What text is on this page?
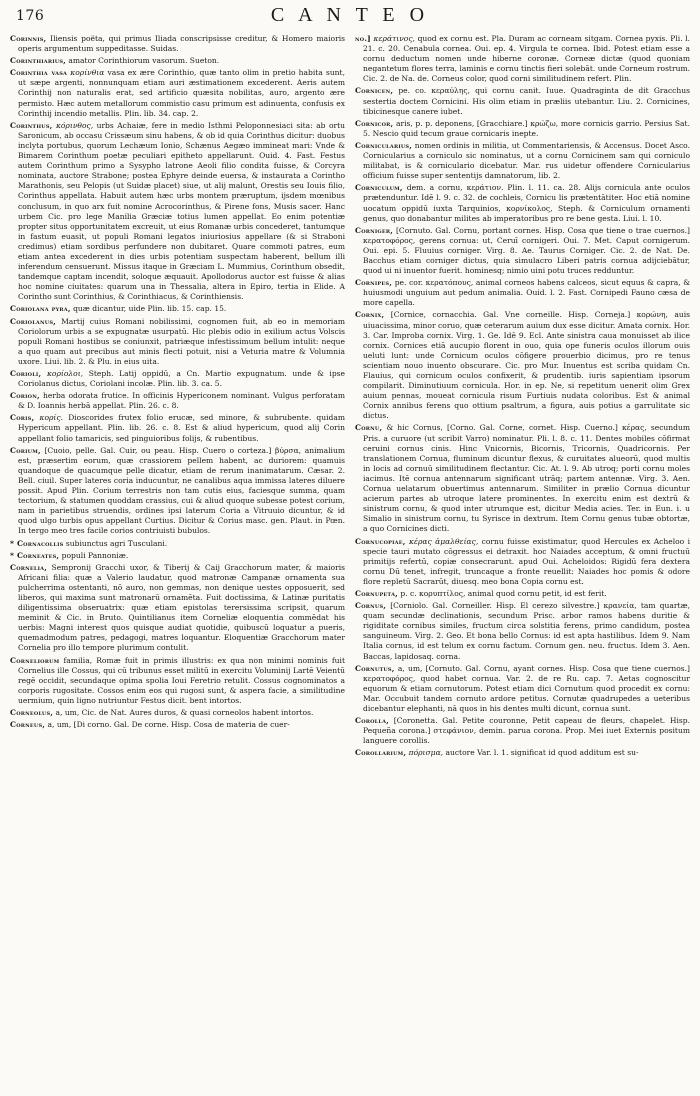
176	C A N T E O

Corinnis, Iliensis poëta, qui primus Iliada conscripsisse creditur, & Homero maioris operis argumentum suppeditasse. Suidas.

Corinthiarius, amator Corinthiorum vasorum. Sueton.

Corinthia vasa κορίνθια vasa ex ære Corinthio, quæ tanto olim in pretio habita sunt, ut sæpe argenti, nonnunquam etiam auri æstimationem excederent. Aeris autem Corinthij non naturalis erat, sed artificio quæsita nobilitas, auro, argento ære permisto. Hæc autem metallorum commistio casu primum est adinuenta, confusis ex Corinthij incendio metallis. Plin. lib. 34. cap. 2.

Corinthus, κόρινθος, urbs Achaiæ, fere in medio Isthmi Peloponnesiaci sita: ab ortu Saronicum, ab occasu Crissæum sinu habens, & ob id quia Corinthus dicitur: duobus inclyta portubus, quorum Lechæum Ionio, Schænus Aegæo immineat mari: Vnde & Bimarem Corinthum poetæ peculiari epitheto appellarunt. Ouid. 4. Fast. Festus autem Corinthum primo a Sysypho latrone Aeoli filio condita fuisse, & Corcyra nominata, auctore Strabone; postea Ephyre deinde euersa, & instaurata a Corintho Marathonis, seu Pelopis (ut Suidæ placet) siue, ut alij malunt, Orestis seu Iouis filio, Corinthus appellata. Habuit autem hæc urbs montem præruptum, ijsdem mœnibus conclusum, in quo arx fuit nomine Acrocorinthus, & Pirene fons, Musis sacer. Hanc urbem Cic. pro lege Manilia Græciæ totius lumen appellat. Eo enim potentiæ propter situs opportunitatem excreuit, ut eius Romanæ urbis concederet, tantumque in fastum euasit, ut populi Romani legatos iniuriosius appellare (& si Straboni credimus) etiam sordibus perfundere non dubitaret. Quare commoti patres, eum etiam antea excederent in dies urbis potentiam suspectam haberent, bellum illi inferendum censuerunt. Missus itaque in Græciam L. Mummius, Corinthum obsedit, tandemque captam incendit, soloque æquauit. Apollodorus auctor est fuisse & alias hoc nomine ciuitates: quarum una in Thessalia, altera in Epiro, tertia in Elide. A Corintho sunt Corinthius, & Corinthiacus, & Corinthiensis.

Coriolana pyra, quæ dicantur, uide Plin. lib. 15. cap. 15.

Coriolanus, Martij cuius Romani nobilissimi, cognomen fuit, ab eo in memoriam Coriolorum urbis a se expugnatæ usurpatū. Hic plebis odio in exilium actus Volscis populi Romani hostibus se coniunxit, patriæque infestissimum bellum intulit: neque a quo quam aut precibus aut minis flecti potuit, nisi a Veturia matre & Volumnia uxore. Liui. lib. 2. & Plu. in eius uita.

Corioli, κορίολοι, Steph. Latij oppidū, a Cn. Martio expugnatum. unde & ipse Coriolanus dictus, Coriolani incolæ. Plin. lib. 3. ca. 5.

Corion, herba odorata frutice. In officinis Hypericonem nominant. Vulgus perforatam & D. Ioannis herbā appellat. Plin. 26. c. 8.

Coris, κορίς. Dioscorides frutex folio erucæ, sed minore, & subrubente. quidam Hypericum appellant. Plin. lib. 26. c. 8. Est & aliud hypericum, quod alij Corin appellant folio tamaricis, sed pinguioribus folijs, & rubentibus.

Corium, [Cuoio, pelle. Gal. Cuir, ou peau. Hisp. Cuero o corteza.] βύρσα, animalium est, præsertim eorum, quæ crassiorem pellem habent, ac duriorem: quamuis quandoque de quacumque pelle dicatur, etiam de rerum inanimatarum. Cæsar. 2. Bell. ciuil. Super lateres coria inducuntur, ne canalibus aqua immissa lateres diluere possit. Apud Plin. Corium terrestris non tam cutis eius, faciesque summa, quam tectorium, & statumen quoddam crassius, cui & aliud quoque subesse potest corium, nam in parietibus struendis, ordines ipsi laterum Coria a Vitruuio dicuntur, & id quod ulgo turbis opus appellant Curtius. Dicitur & Corius masc. gen. Plaut. in Pœn. In tergo meo tres facile corios contriuisti bubulos.

* Cornacollis subiunctus agri Tusculani.

* Corneates, populi Pannoniæ.

Cornelia, Sempronij Gracchi uxor, & Tiberij & Caij Gracchorum mater, & maioris Africani filia: quæ a Valerio laudatur, quod matronæ Campanæ ornamenta sua pulcherrima ostentanti, nō auro, non gemmas, non denique uestes opposuerit, sed liberos, qui maxima sunt matronarū ornamēta. Fuit doctissima, & Latinæ puritatis diligentissima obseruatrix: quæ etiam epistolas terersissima scripsit, quarum meminit & Cic. in Bruto. Quintilianus item Corneliæ eloquentia commēdat his uerbis: Magni interest quos quisque audiat quotidie, quibuscū loquatur a pueris, quemadmodum patres, pedagogi, matres loquantur. Eloquentiæ Gracchorum mater Cornelia pro illo tempore plurimum contulit.

Corneliorum familia, Romæ fuit in primis illustris: ex qua non minimi nominis fuit Cornelius ille Cossus, qui cū tribunus esset militū in exercitu Voluminij Lartē Veientū regē occidit, secundaque opima spolia Ioui Feretrio retulit. Cossus cognominatos a corporis rugositate. Cossos enim eos qui rugosi sunt, & aspera facie, a similitudine uermium, quin ligno nutriuntur Festus dicit. bent intortos.

Corneolus, a, um, Cic. de Nat. Aures duros, & quasi corneolos habent intortos.

Corneus, a, um, [Di corno. Gal. De corne. Hisp. Cosa de materia de cuer-

no.] κεράτινος, quod ex cornu est. Pla. Duram ac corneam sitgam. Cornea pyxis. Pli. l. 21. c. 20. Cenabula cornea. Oui. ep. 4. Virgula te cornea. Ibid. Potest etiam esse a cornu deductum nomen unde hiberne coronæ. Corneæ dictæ (quod quoniam negantetum flores terra, laminis e cornu tinctis fieri solebāt. unde Corneum rostrum. Cic. 2. de Na. de. Corneus color, quod corni similitudinem refert. Plin.

Cornicen, pe. co. κεραύλης, qui cornu canit. Iuue. Quadraginta de dit Gracchus sestertia doctem Cornicini. His olim etiam in præliis utebantur. Liu. 2. Cornicines, tibicinesque canere iubet.

Cornicor, aris, p. p. deponens, [Gracchiare.] κρώζω, more cornicis garrio. Persius Sat. 5. Nescio quid tecum graue cornicaris inepte.

Cornicularius, nomen ordinis in militia, ut Commentariensis, & Accensus. Docet Asco. Cornicularius a corniculo sic nominatus, ut a cornu Cornicinem sam qui corniculo militabat, is & corniculario dicebatur. Mar. rus uidetur offendere Cornicularius officium fuisse super sententijs damnatorum, lib. 2.

Corniculum, dem. a cornu, κεράτιον. Plin. l. 11. ca. 28. Alijs cornicula ante oculos prætenduntur. Idē l. 9. c. 32. de cochleis, Cornicu lis prætentātiter. Hoc etiā nomine uocatum oppidū iuxta Tarquinios, κορνίκολος, Steph. & Corniculum ornamenti genus, quo donabantur milites ab imperatoribus pro re bene gesta. Liui. l. 10.

Corniger, [Cornuto. Gal. Cornu, portant cornes. Hisp. Cosa que tiene o trae cuernos.] κερατοφόρος, gerens cornua: ut, Ceruī cornigeri. Oui. 7. Met. Caput cornigerum. Oui. epi. 5. Fluuius corniger. Virg. 8. Ae. Taurus Corniger. Cic. 2. de Nat. De. Bacchus etiam corniger dictus, quia simulacro Liberi patris cornua adijciebātur, quod ui ni inuentor fuerit. hominesq; nimio uini potu truces redduntur.

Cornipes, pe. cor. κερατόπους, animal corneos habens calceos, sicut equus & capra, & huiusmodi unguium aut pedum animalia. Ouid. l. 2. Fast. Cornipedi Fauno cæsa de more capella.

Cornix, [Cornice, cornacchia. Gal. Vne corneille. Hisp. Corneja.] κορώνη, auis uiuacissima, minor coruo, quæ ceterarum auium dux esse dicitur. Amata cornix. Hor. 3. Car. Improba cornix. Virg. 1. Ge. Idē 9. Ecl. Ante sinistra caua monuisset ab ilice cornix. Cornices etiā aucupio florent in ouo, quia ope funeris oculos illorum ouis ueluti lunt: unde Cornicum oculos cōfigere prouerbio dicimus, pro re tenus scientiam nouo inuento obscurare. Cic. pro Mur. Inuentus est scriba quidam Cn. Flauius, qui cornicum oculos confixerit, & prudentib. iuris sapientiam ipsorum compilarit. Diminutiuum cornicula. Hor. in ep. Ne, si repetitum uenerit olim Grex auium pennas, moueat cornicula risum Furtiuis nudata coloribus. Est & animal Cornix annibus ferens quo ottium psaltrum, a figura, auis potius a garrulitate sic dictus.

Cornu, & hic Cornus, [Corno. Gal. Corne, cornet. Hisp. Cuerno.] κέρας, secundum Pris. a curuore (ut scribit Varro) nominatur. Pli. l. 8. c. 11. Dentes mobiles cōfirmat ceruini cornus cinis. Hinc Vnicornis, Bicornis, Tricornis, Quadricornis. Per translationem Cornua, fluminum dicuntur flexus, & curuitates alueorū, quod multis in locis ad cornuū similitudinem flectantur. Cic. At. l. 9. Ab utroq; porti cornu moles iacimus. Itē cornua antennarum significant utrāq; partem antennæ. Virg. 3. Aen. Cornua uelatarum obuertimus antennarum. Similiter in prælio Cornua dicuntur acierum partes ab utroque latere prominentes. In exercitu enim est dextrū & sinistrum cornu, & quod inter utrumque est, dicitur Media acies. Ter. in Eun. i. u Simalio in sinistrum cornu, tu Syrisce in dextrum. Item Cornu genus tubæ obtortæ, a quo Cornicines dicti.

Cornucopiae, κέρας ἀμαλθείας, cornu fuisse existimatur, quod Hercules ex Acheloo i specie tauri mutato cōgressus ei detraxit. hoc Naiades acceptum, & omni fructuū primitijs refertū, copiæ consecrarunt. apud Oui. Acheloidos: Rigidū fera dextera cornu Dū tenet, infregit, truncaque a fronte reuellit: Naiades hoc pomis & odore flore repletū Sacrarūt, diuesq. meo bona Copia cornu est.

Cornupeta, p. c. κορυπτίλος, animal quod cornu petit, id est ferit.

Cornus, [Corniolo. Gal. Corneiller. Hisp. El cerezo silvestre.] κρανεία, tam quartæ, quam secundæ declinationis, secundum Prisc. arbor ramos habens duritie & rigiditate cornibus similes, fructum circa solstitia ferens, primo candidum, postea sanguineum. Virg. 2. Geo. Et bona bello Cornus: id est apta hastilibus. Idem 9. Nam Italia cornus, id est telum ex cornu factum. Cornum gen. neu. fructus. Idem 3. Aen. Baccas, lapidosaq. corna.

Cornutus, a, um, [Cornuto. Gal. Cornu, ayant cornes. Hisp. Cosa que tiene cuernos.] κερατοφόρος, quod habet cornua. Var. 2. de re Ru. cap. 7. Aetas cognoscitur equorum & etiam cornutorum. Potest etiam dici Cornutum quod procedit ex cornu: Mar. Occubuit tandem cornuto ardore petitus. Cornutæ quadrupedes a ueteribus dicebantur elephanti, nā quos in his dentes multi dicunt, cornua sunt.

Corolla, [Coronetta. Gal. Petite couronne, Petit capeau de fleurs, chapelet. Hisp. Pequeña corona.] στεφάνιον, demin. parua corona. Prop. Mei iuet Externis positum languere corollis.

Corollarium, πόρισμα, auctore Var. l. 1. significat id quod additum est su-
